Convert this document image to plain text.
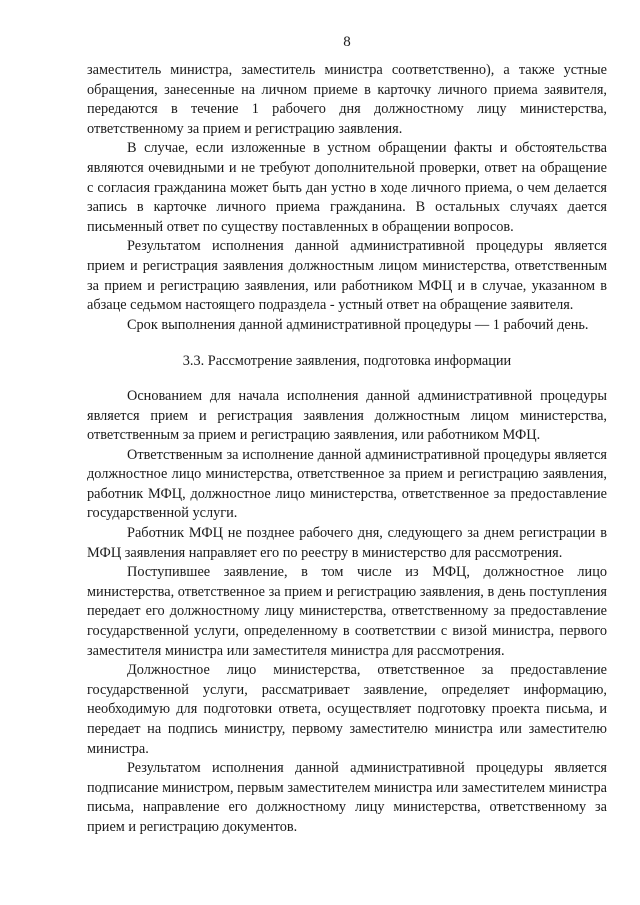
8

заместитель министра, заместитель министра соответственно), а также устные обращения, занесенные на личном приеме в карточку личного приема заявителя, передаются в течение 1 рабочего дня должностному лицу министерства, ответственному за прием и регистрацию заявления.

В случае, если изложенные в устном обращении факты и обстоятельства являются очевидными и не требуют дополнительной проверки, ответ на обращение с согласия гражданина может быть дан устно в ходе личного приема, о чем делается запись в карточке личного приема гражданина. В остальных случаях дается письменный ответ по существу поставленных в обращении вопросов.

Результатом исполнения данной административной процедуры является прием и регистрация заявления должностным лицом министерства, ответственным за прием и регистрацию заявления, или работником МФЦ и в случае, указанном в абзаце седьмом настоящего подраздела - устный ответ на обращение заявителя.

Срок выполнения данной административной процедуры — 1 рабочий день.

3.3. Рассмотрение заявления, подготовка информации

Основанием для начала исполнения данной административной процедуры является прием и регистрация заявления должностным лицом министерства, ответственным за прием и регистрацию заявления, или работником МФЦ.

Ответственным за исполнение данной административной процедуры является должностное лицо министерства, ответственное за прием и регистрацию заявления, работник МФЦ, должностное лицо министерства, ответственное за предоставление государственной услуги.

Работник МФЦ не позднее рабочего дня, следующего за днем регистрации в МФЦ заявления направляет его по реестру в министерство для рассмотрения.

Поступившее заявление, в том числе из МФЦ, должностное лицо министерства, ответственное за прием и регистрацию заявления, в день поступления передает его должностному лицу министерства, ответственному за предоставление государственной услуги, определенному в соответствии с визой министра, первого заместителя министра или заместителя министра для рассмотрения.

Должностное лицо министерства, ответственное за предоставление государственной услуги, рассматривает заявление, определяет информацию, необходимую для подготовки ответа, осуществляет подготовку проекта письма, и передает на подпись министру, первому заместителю министра или заместителю министра.

Результатом исполнения данной административной процедуры является подписание министром, первым заместителем министра или заместителем министра письма, направление его должностному лицу министерства, ответственному за прием и регистрацию документов.
